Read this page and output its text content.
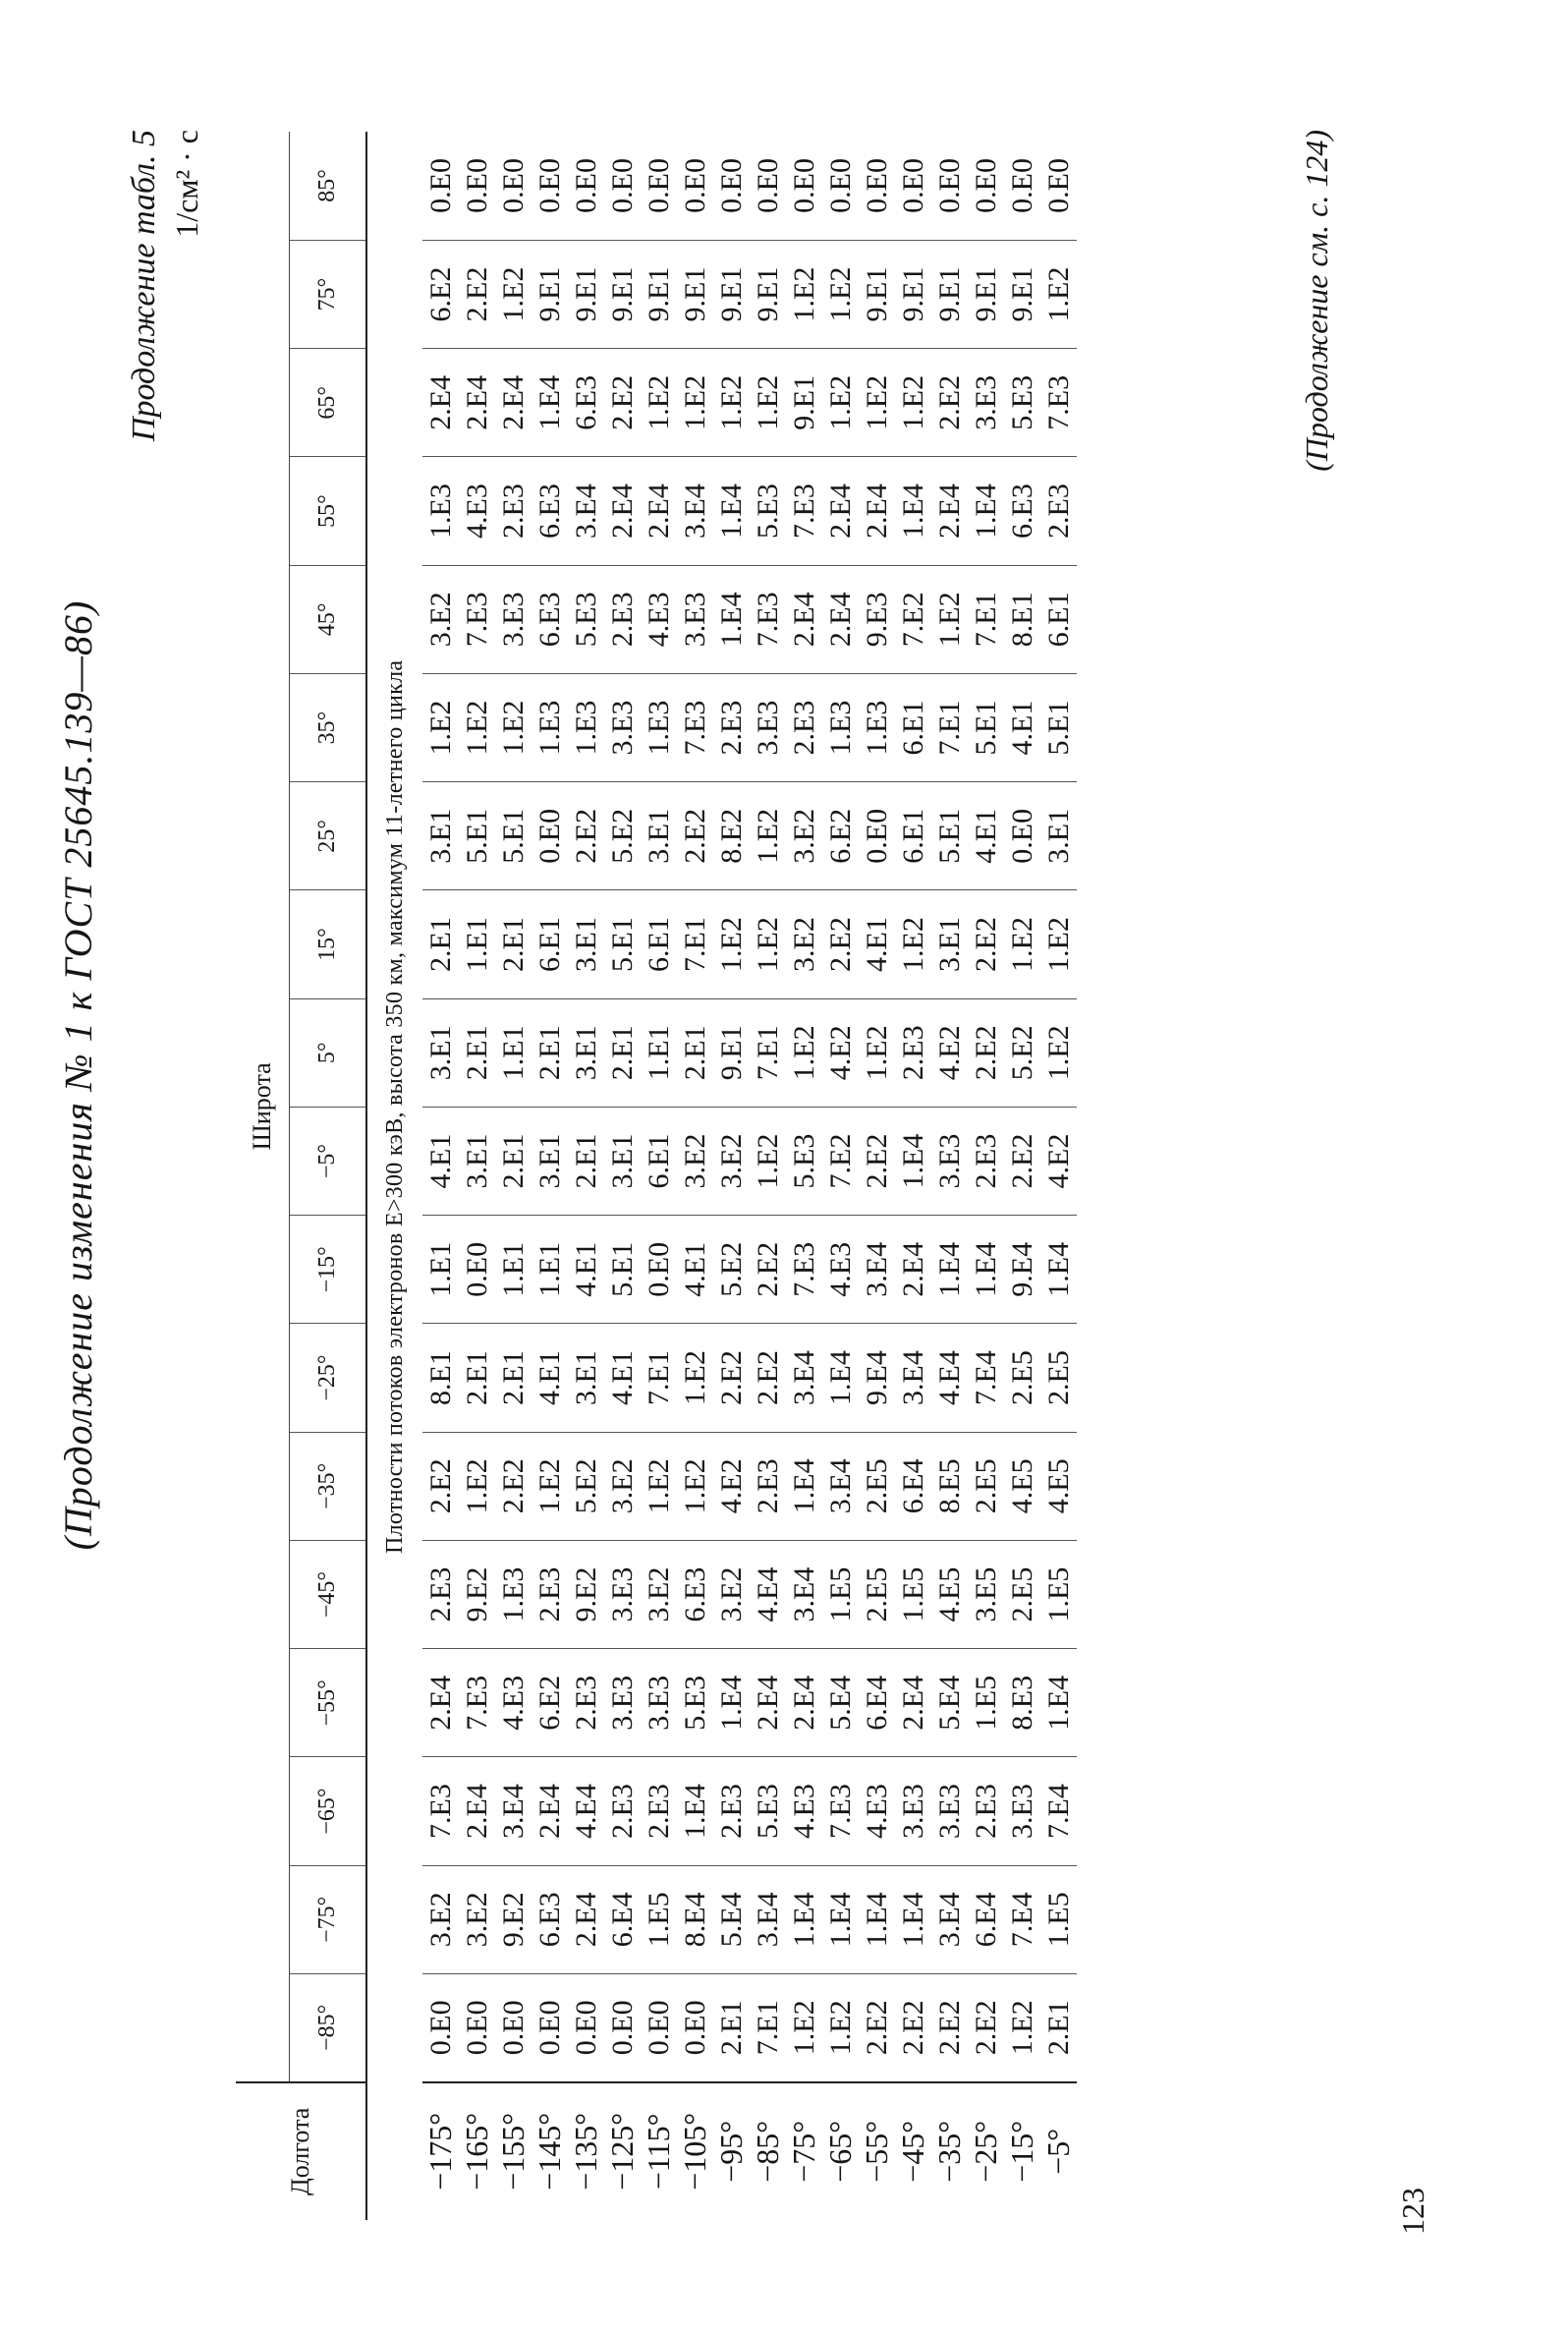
(Продолжение изменения № 1 к ГОСТ 25645.139—86)
Продолжение табл. 5 1/см² · с
Долгота	Широта																	
	−85°	−75°	−65°	−55°	−45°	−35°	−25°	−15°	−5°	5°	15°	25°	35°	45°	55°	65°	75°	85°
	Плотности потоков электронов E>300 кэВ, высота 350 км, максимум 11-летнего цикла																	
−175°	0.E0	3.E2	7.E3	2.E4	2.E3	2.E2	8.E1	1.E1	4.E1	3.E1	2.E1	3.E1	1.E2	3.E2	1.E3	2.E4	6.E2	0.E0
−165°	0.E0	3.E2	2.E4	7.E3	9.E2	1.E2	2.E1	0.E0	3.E1	2.E1	1.E1	5.E1	1.E2	7.E3	4.E3	2.E4	2.E2	0.E0
−155°	0.E0	9.E2	3.E4	4.E3	1.E3	2.E2	2.E1	1.E1	2.E1	1.E1	2.E1	5.E1	1.E2	3.E3	2.E3	2.E4	1.E2	0.E0
−145°	0.E0	6.E3	2.E4	6.E2	2.E3	1.E2	4.E1	1.E1	3.E1	2.E1	6.E1	0.E0	1.E3	6.E3	6.E3	1.E4	9.E1	0.E0
−135°	0.E0	2.E4	4.E4	2.E3	9.E2	5.E2	3.E1	4.E1	2.E1	3.E1	3.E1	2.E2	1.E3	5.E3	3.E4	6.E3	9.E1	0.E0
−125°	0.E0	6.E4	2.E3	3.E3	3.E3	3.E2	4.E1	5.E1	3.E1	2.E1	5.E1	5.E2	3.E3	2.E3	2.E4	2.E2	9.E1	0.E0
−115°	0.E0	1.E5	2.E3	3.E3	3.E2	1.E2	7.E1	0.E0	6.E1	1.E1	6.E1	3.E1	1.E3	4.E3	2.E4	1.E2	9.E1	0.E0
−105°	0.E0	8.E4	1.E4	5.E3	6.E3	1.E2	1.E2	4.E1	3.E2	2.E1	7.E1	2.E2	7.E3	3.E3	3.E4	1.E2	9.E1	0.E0
−95°	2.E1	5.E4	2.E3	1.E4	3.E2	4.E2	2.E2	5.E2	3.E2	9.E1	1.E2	8.E2	2.E3	1.E4	1.E4	1.E2	9.E1	0.E0
−85°	7.E1	3.E4	5.E3	2.E4	4.E4	2.E3	2.E2	2.E2	1.E2	7.E1	1.E2	1.E2	3.E3	7.E3	5.E3	1.E2	9.E1	0.E0
−75°	1.E2	1.E4	4.E3	2.E4	3.E4	1.E4	3.E4	7.E3	5.E3	1.E2	3.E2	3.E2	2.E3	2.E4	7.E3	9.E1	1.E2	0.E0
−65°	1.E2	1.E4	7.E3	5.E4	1.E5	3.E4	1.E4	4.E3	7.E2	4.E2	2.E2	6.E2	1.E3	2.E4	2.E4	1.E2	1.E2	0.E0
−55°	2.E2	1.E4	4.E3	6.E4	2.E5	2.E5	9.E4	3.E4	2.E2	1.E2	4.E1	0.E0	1.E3	9.E3	2.E4	1.E2	9.E1	0.E0
−45°	2.E2	1.E4	3.E3	2.E4	1.E5	6.E4	3.E4	2.E4	1.E4	2.E3	1.E2	6.E1	6.E1	7.E2	1.E4	1.E2	9.E1	0.E0
−35°	2.E2	3.E4	3.E3	5.E4	4.E5	8.E5	4.E4	1.E4	3.E3	4.E2	3.E1	5.E1	7.E1	1.E2	2.E4	2.E2	9.E1	0.E0
−25°	2.E2	6.E4	2.E3	1.E5	3.E5	2.E5	7.E4	1.E4	2.E3	2.E2	2.E2	4.E1	5.E1	7.E1	1.E4	3.E3	9.E1	0.E0
−15°	1.E2	7.E4	3.E3	8.E3	2.E5	4.E5	2.E5	9.E4	2.E2	5.E2	1.E2	0.E0	4.E1	8.E1	6.E3	5.E3	9.E1	0.E0
−5°	2.E1	1.E5	7.E4	1.E4	1.E5	4.E5	2.E5	1.E4	4.E2	1.E2	1.E2	3.E1	5.E1	6.E1	2.E3	7.E3	1.E2	0.E0	(Продолжение см. с. 124)
123
